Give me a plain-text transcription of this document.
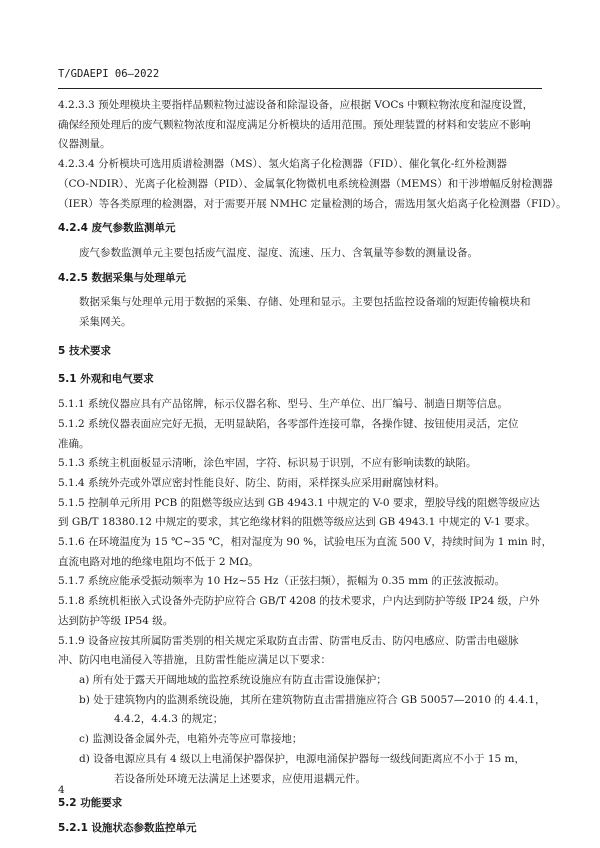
T/GDAEPI 06—2022
4.2.3.3 预处理模块主要指样品颗粒物过滤设备和除湿设备，应根据 VOCs 中颗粒物浓度和湿度设置，
确保经预处理后的废气颗粒物浓度和湿度满足分析模块的适用范围。预处理装置的材料和安装应不影响
仪器测量。
4.2.3.4 分析模块可选用质谱检测器（MS）、氢火焰离子化检测器（FID）、催化氧化-红外检测器
（CO-NDIR）、光离子化检测器（PID）、金属氧化物微机电系统检测器（MEMS）和干涉增幅反射检测器
（IER）等各类原理的检测器，对于需要开展 NMHC 定量检测的场合，需选用氢火焰离子化检测器（FID）。
4.2.4 废气参数监测单元
废气参数监测单元主要包括废气温度、湿度、流速、压力、含氧量等参数的测量设备。
4.2.5 数据采集与处理单元
数据采集与处理单元用于数据的采集、存储、处理和显示。主要包括监控设备端的短距传输模块和
采集网关。
5 技术要求
5.1 外观和电气要求
5.1.1 系统仪器应具有产品铭牌，标示仪器名称、型号、生产单位、出厂编号、制造日期等信息。
5.1.2 系统仪器表面应完好无损，无明显缺陷，各零部件连接可靠，各操作键、按钮使用灵活，定位
准确。
5.1.3 系统主机面板显示清晰，涂色牢固，字符、标识易于识别，不应有影响读数的缺陷。
5.1.4 系统外壳或外罩应密封性能良好、防尘、防雨，采样探头应采用耐腐蚀材料。
5.1.5 控制单元所用 PCB 的阻燃等级应达到 GB 4943.1 中规定的 V-0 要求，塑胶导线的阻燃等级应达
到 GB/T 18380.12 中规定的要求，其它绝缘材料的阻燃等级应达到 GB 4943.1 中规定的 V-1 要求。
5.1.6 在环境温度为 15 ℃~35 ℃，相对湿度为 90 %，试验电压为直流 500 V，持续时间为 1 min 时，
直流电路对地的绝缘电阻均不低于 2 MΩ。
5.1.7 系统应能承受振动频率为 10 Hz~55 Hz（正弦扫频），振幅为 0.35 mm 的正弦波振动。
5.1.8 系统机柜嵌入式设备外壳防护应符合 GB/T 4208 的技术要求，户内达到防护等级 IP24 级，户外
达到防护等级 IP54 级。
5.1.9 设备应按其所属防雷类别的相关规定采取防直击雷、防雷电反击、防闪电感应、防雷击电磁脉
冲、防闪电电涌侵入等措施，且防雷性能应满足以下要求：
a) 所有处于露天开阔地域的监控系统设施应有防直击雷设施保护；
b) 处于建筑物内的监测系统设施，其所在建筑物防直击雷措施应符合 GB 50057—2010 的 4.4.1，
4.4.2，4.4.3 的规定；
c) 监测设备金属外壳，电箱外壳等应可靠接地；
d) 设备电源应具有 4 级以上电涌保护器保护，电源电涌保护器每一级线间距离应不小于 15 m，
若设备所处环境无法满足上述要求，应使用退耦元件。
5.2 功能要求
5.2.1 设施状态参数监控单元
4
